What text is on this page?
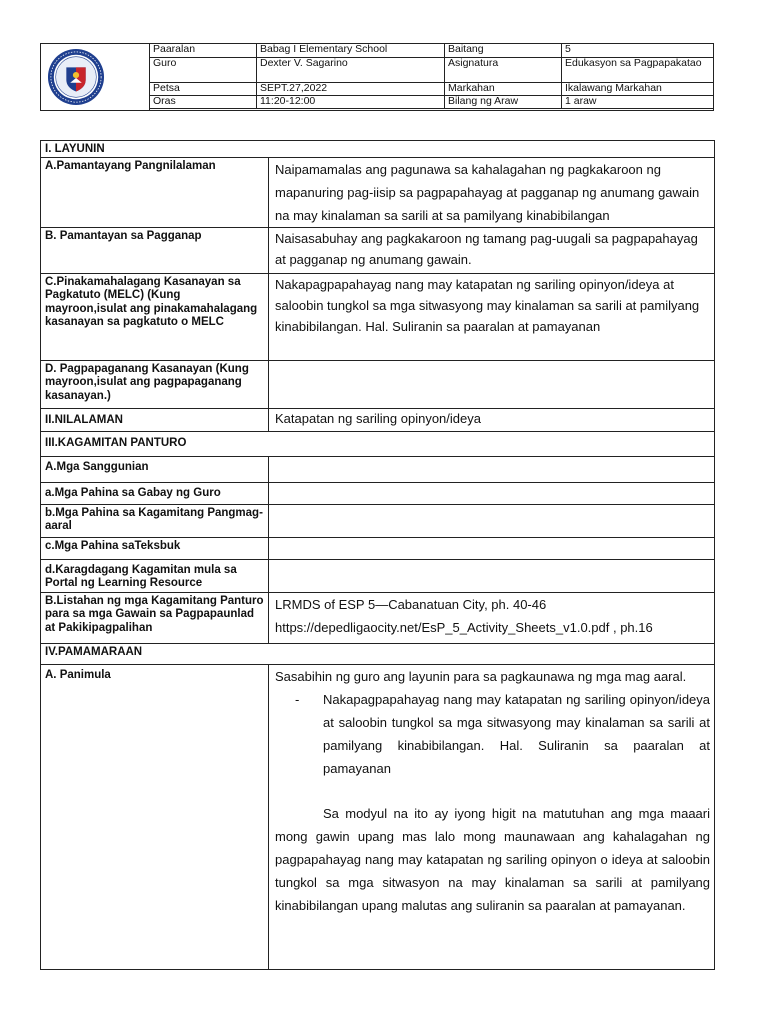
Paaralan	Babag I Elementary School	Baitang	5
Guro	Dexter V. Sagarino	Asignatura	Edukasyon sa Pagpapakatao
Petsa	SEPT.27,2022	Markahan	Ikalawang Markahan
Oras	11:20-12:00	Bilang ng Araw	1 araw
I. LAYUNIN	
A.Pamantayang Pangnilalaman	Naipamamalas ang pagunawa sa kahalagahan ng pagkakaroon ng mapanuring pag-iisip sa pagpapahayag at pagganap ng anumang gawain na may kinalaman sa sarili at sa pamilyang kinabibilangan
B. Pamantayan sa Pagganap	Naisasabuhay ang pagkakaroon ng tamang pag-uugali sa pagpapahayag at pagganap ng anumang gawain.
C.Pinakamahalagang Kasanayan sa Pagkatuto (MELC) (Kung mayroon,isulat ang pinakamahalagang kasanayan sa pagkatuto o MELC	Nakapagpapahayag nang may katapatan ng sariling opinyon/ideya at saloobin tungkol sa mga sitwasyong may kinalaman sa sarili at pamilyang kinabibilangan. Hal. Suliranin sa paaralan at pamayanan
D. Pagpapaganang Kasanayan (Kung mayroon,isulat ang pagpapaganang kasanayan.)	
II.NILALAMAN	Katapatan ng sariling opinyon/ideya
III.KAGAMITAN PANTURO	
A.Mga Sanggunian	
a.Mga Pahina sa Gabay ng Guro	
b.Mga Pahina sa Kagamitang Pangmag-aaral	
c.Mga Pahina saTeksbuk	
d.Karagdagang Kagamitan mula sa Portal ng Learning Resource	
B.Listahan ng mga Kagamitang Panturo para sa mga Gawain sa Pagpapaunlad at Pakikipagpalihan	LRMDS of ESP 5—Cabanatuan City, ph. 40-46
https://depedligaocity.net/EsP_5_Activity_Sheets_v1.0.pdf , ph.16

IV.PAMAMARAAN	
A. Panimula	Sasabihin ng guro ang layunin para sa pagkaunawa ng mga mag aaral.
- Nakapagpapahayag nang may katapatan ng sariling opinyon/ideya at saloobin tungkol sa mga sitwasyong may kinalaman sa sarili at pamilyang kinabibilangan. Hal. Suliranin sa paaralan at pamayanan
Sa modyul na ito ay iyong higit na matutuhan ang mga maaari mong gawin upang mas lalo mong maunawaan ang kahalagahan ng pagpapahayag nang may katapatan ng sariling opinyon o ideya at saloobin tungkol sa mga sitwasyon na may kinalaman sa sarili at pamilyang kinabibilangan upang malutas ang suliranin sa paaralan at pamayanan.
